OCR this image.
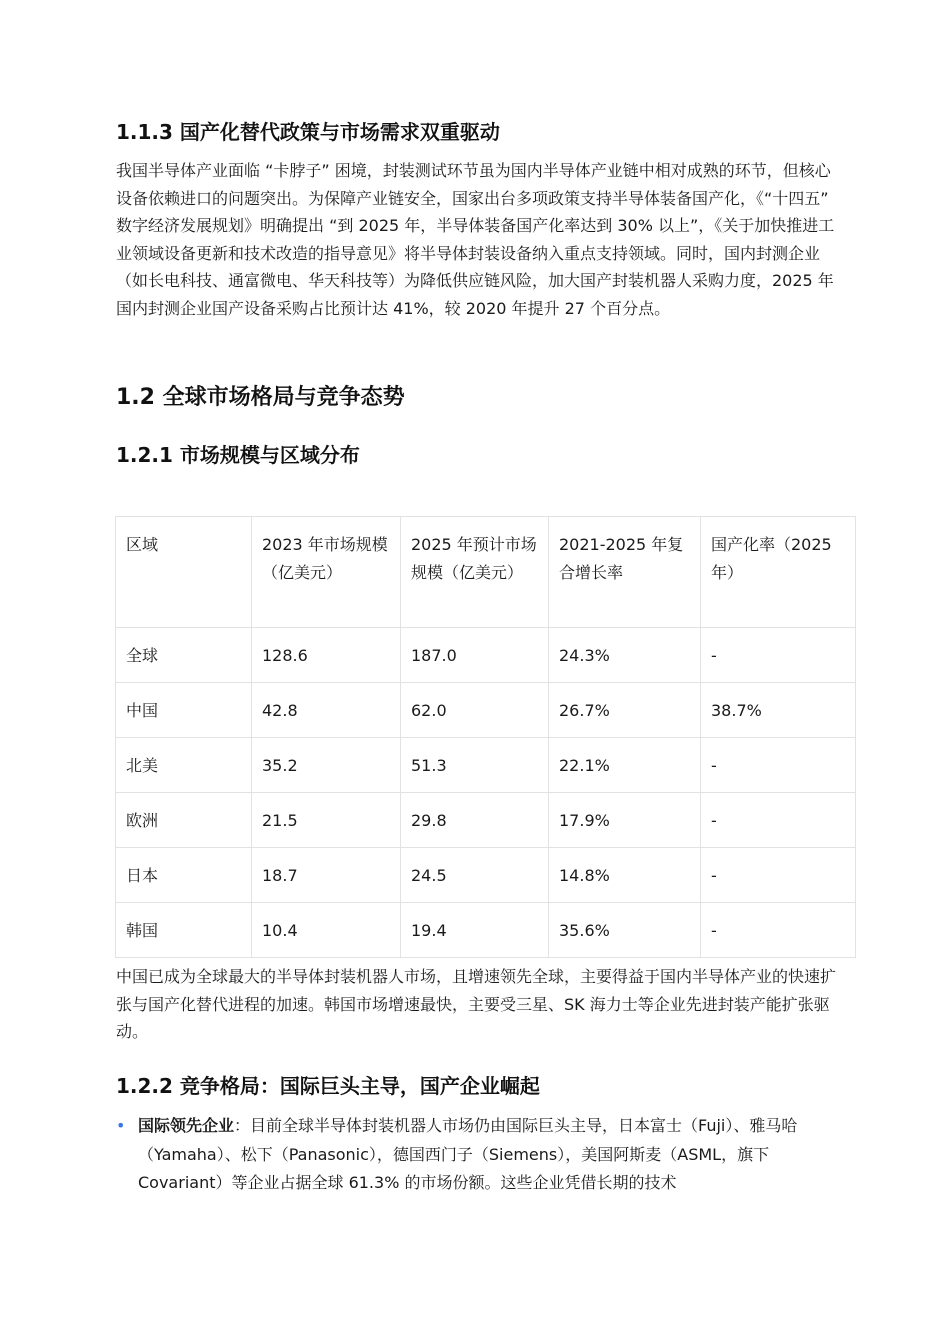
1.1.3 国产化替代政策与市场需求双重驱动

我国半导体产业面临 “卡脖子” 困境，封装测试环节虽为国内半导体产业链中相对成熟的环节，但核心设备依赖进口的问题突出。为保障产业链安全，国家出台多项政策支持半导体装备国产化，《“十四五” 数字经济发展规划》明确提出 “到 2025 年，半导体装备国产化率达到 30% 以上”，《关于加快推进工业领域设备更新和技术改造的指导意见》将半导体封装设备纳入重点支持领域。同时，国内封测企业（如长电科技、通富微电、华天科技等）为降低供应链风险，加大国产封装机器人采购力度，2025 年国内封测企业国产设备采购占比预计达 41%，较 2020 年提升 27 个百分点。

1.2 全球市场格局与竞争态势
1.2.1 市场规模与区域分布
区域	2023 年市场规模（亿美元）	2025 年预计市场规模（亿美元）	2021-2025 年复合增长率	国产化率（2025 年）
全球	128.6	187.0	24.3%	-
中国	42.8	62.0	26.7%	38.7%
北美	35.2	51.3	22.1%	-
欧洲	21.5	29.8	17.9%	-
日本	18.7	24.5	14.8%	-
韩国	10.4	19.4	35.6%	-

中国已成为全球最大的半导体封装机器人市场，且增速领先全球，主要得益于国内半导体产业的快速扩张与国产化替代进程的加速。韩国市场增速最快，主要受三星、SK 海力士等企业先进封装产能扩张驱动。

1.2.2 竞争格局：国际巨头主导，国产企业崛起
• 国际领先企业：目前全球半导体封装机器人市场仍由国际巨头主导，日本富士（Fuji）、雅马哈（Yamaha）、松下（Panasonic），德国西门子（Siemens），美国阿斯麦（ASML，旗下 Covariant）等企业占据全球 61.3% 的市场份额。这些企业凭借长期的技术
